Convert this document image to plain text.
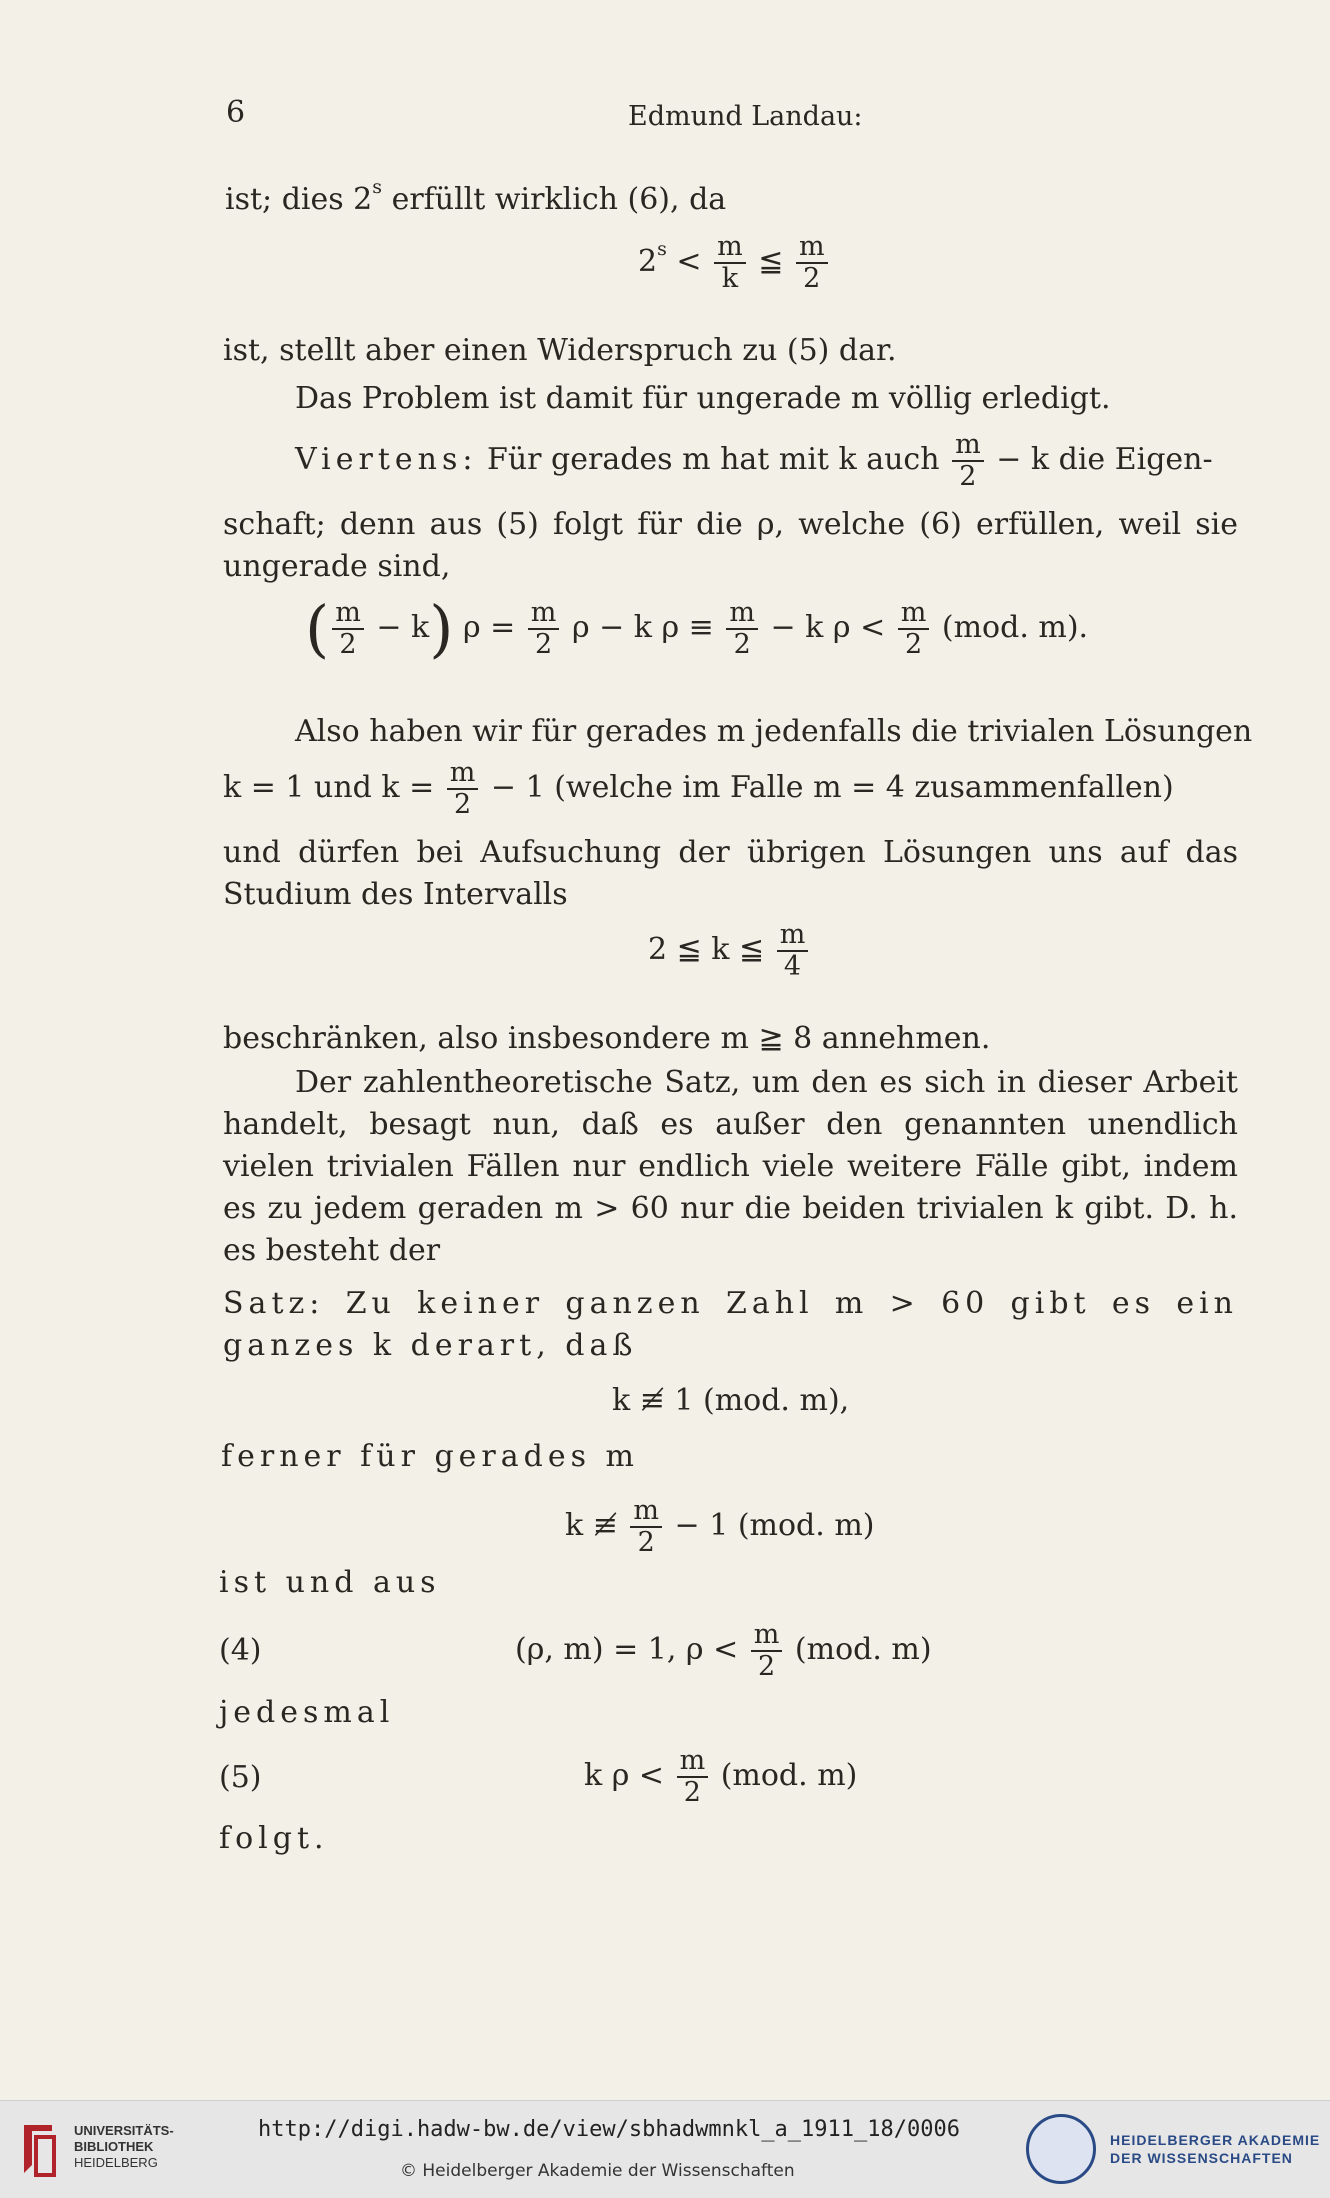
6	Edmund Landau:
ist; dies 2$^s$ erfüllt wirklich (6), da
$2^s < \frac{m}{k}$ ≦ $\frac{m}{2}$
ist, stellt aber einen Widerspruch zu (5) dar.
Das Problem ist damit für ungerade m völlig erledigt.
Viertens: Für gerades m hat mit k auch $\frac{m}{2} - k$ die Eigen-
schaft; denn aus (5) folgt für die ρ, welche (6) erfüllen, weil sie ungerade sind,
( $\frac{m}{2} - k$) $\rho = \frac{m}{2}$ ρ − k $\rho \equiv \frac{m}{2} - k$ $\rho < \frac{m}{2} (mod$. m).
Also haben wir für gerades m jedenfalls die trivialen Lösungen
k = 1 und $k = \frac{m}{2} - 1$ (welche im Falle m = 4 zusammenfallen)
und dürfen bei Aufsuchung der übrigen Lösungen uns auf das Studium des Intervalls
2 ≦ k ≦ $\frac{m}{4}$
beschränken, also insbesondere m ≧ 8 annehmen.
Der zahlentheoretische Satz, um den es sich in dieser Arbeit handelt, besagt nun, daß es außer den genannten unendlich vielen trivialen Fällen nur endlich viele weitere Fälle gibt, indem es zu jedem geraden m > 60 nur die beiden trivialen k gibt. D. h. es besteht der
Satz: Zu keiner ganzen Zahl m > 60 gibt es ein ganzes k derart, daß
k ≢ 1 (mod. m),
ferner für gerades m
k ≢ $\frac{m}{2} - 1$ (mod. m)
ist und aus
(4)	(ρ, m) = 1, $\rho < \frac{m}{2} (mod$. m)
jedesmal
(5)	k $\rho < \frac{m}{2} (mod$. m)
folgt.
UNIVERSITÄTS-
BIBLIOTHEK
HEIDELBERG
http://digi.hadw-bw.de/view/sbhadwmnkl_a_1911_18/0006
© Heidelberger Akademie der Wissenschaften
HEIDELBERGER AKADEMIE
DER WISSENSCHAFTEN
